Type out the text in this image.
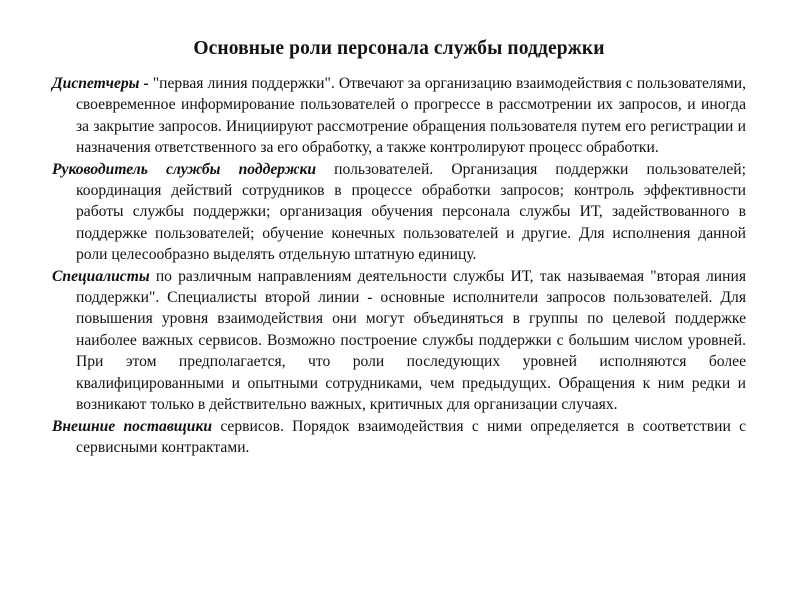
Основные роли персонала службы поддержки

Диспетчеры - "первая линия поддержки". Отвечают за организацию взаимодействия с пользователями, своевременное информирование пользователей о прогрессе в рассмотрении их запросов, и иногда за закрытие запросов. Инициируют рассмотрение обращения пользователя путем его регистрации и назначения ответственного за его обработку, а также контролируют процесс обработки.

Руководитель службы поддержки пользователей. Организация поддержки пользователей; координация действий сотрудников в процессе обработки запросов; контроль эффективности работы службы поддержки; организация обучения персонала службы ИТ, задействованного в поддержке пользователей; обучение конечных пользователей и другие. Для исполнения данной роли целесообразно выделять отдельную штатную единицу.

Специалисты по различным направлениям деятельности службы ИТ, так называемая "вторая линия поддержки". Специалисты второй линии - основные исполнители запросов пользователей. Для повышения уровня взаимодействия они могут объединяться в группы по целевой поддержке наиболее важных сервисов. Возможно построение службы поддержки с большим числом уровней. При этом предполагается, что роли последующих уровней исполняются более квалифицированными и опытными сотрудниками, чем предыдущих. Обращения к ним редки и возникают только в действительно важных, критичных для организации случаях.

Внешние поставщики сервисов. Порядок взаимодействия с ними определяется в соответствии с сервисными контрактами.
